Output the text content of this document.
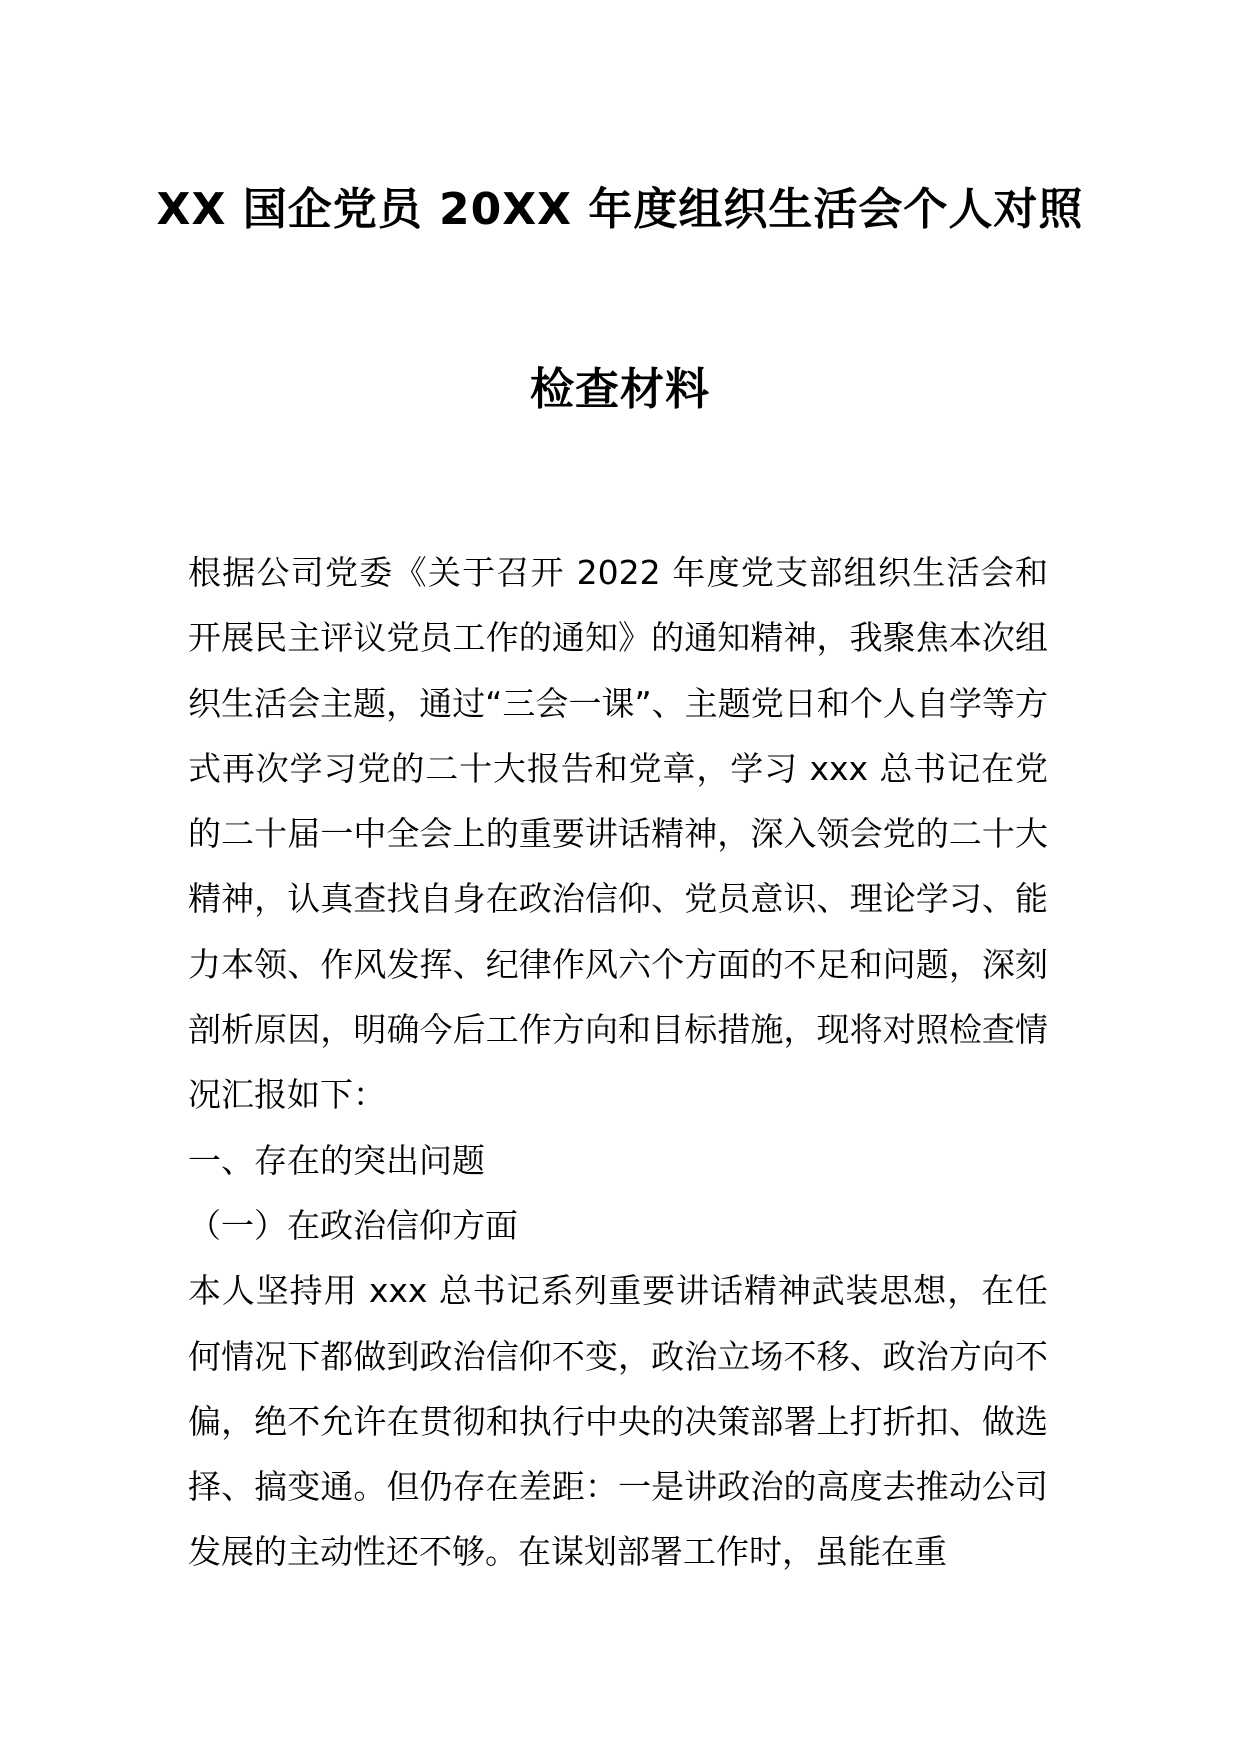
XX 国企党员 20XX 年度组织生活会个人对照
检查材料

根据公司党委《关于召开 2022 年度党支部组织生活会和开展民主评议党员工作的通知》的通知精神，我聚焦本次组织生活会主题，通过“三会一课”、主题党日和个人自学等方式再次学习党的二十大报告和党章，学习 xxx 总书记在党的二十届一中全会上的重要讲话精神，深入领会党的二十大精神，认真查找自身在政治信仰、党员意识、理论学习、能力本领、作风发挥、纪律作风六个方面的不足和问题，深刻剖析原因，明确今后工作方向和目标措施，现将对照检查情况汇报如下：

一、存在的突出问题

（一）在政治信仰方面

本人坚持用 xxx 总书记系列重要讲话精神武装思想，在任何情况下都做到政治信仰不变，政治立场不移、政治方向不偏，绝不允许在贯彻和执行中央的决策部署上打折扣、做选择、搞变通。但仍存在差距：一是讲政治的高度去推动公司发展的主动性还不够。在谋划部署工作时，虽能在重
